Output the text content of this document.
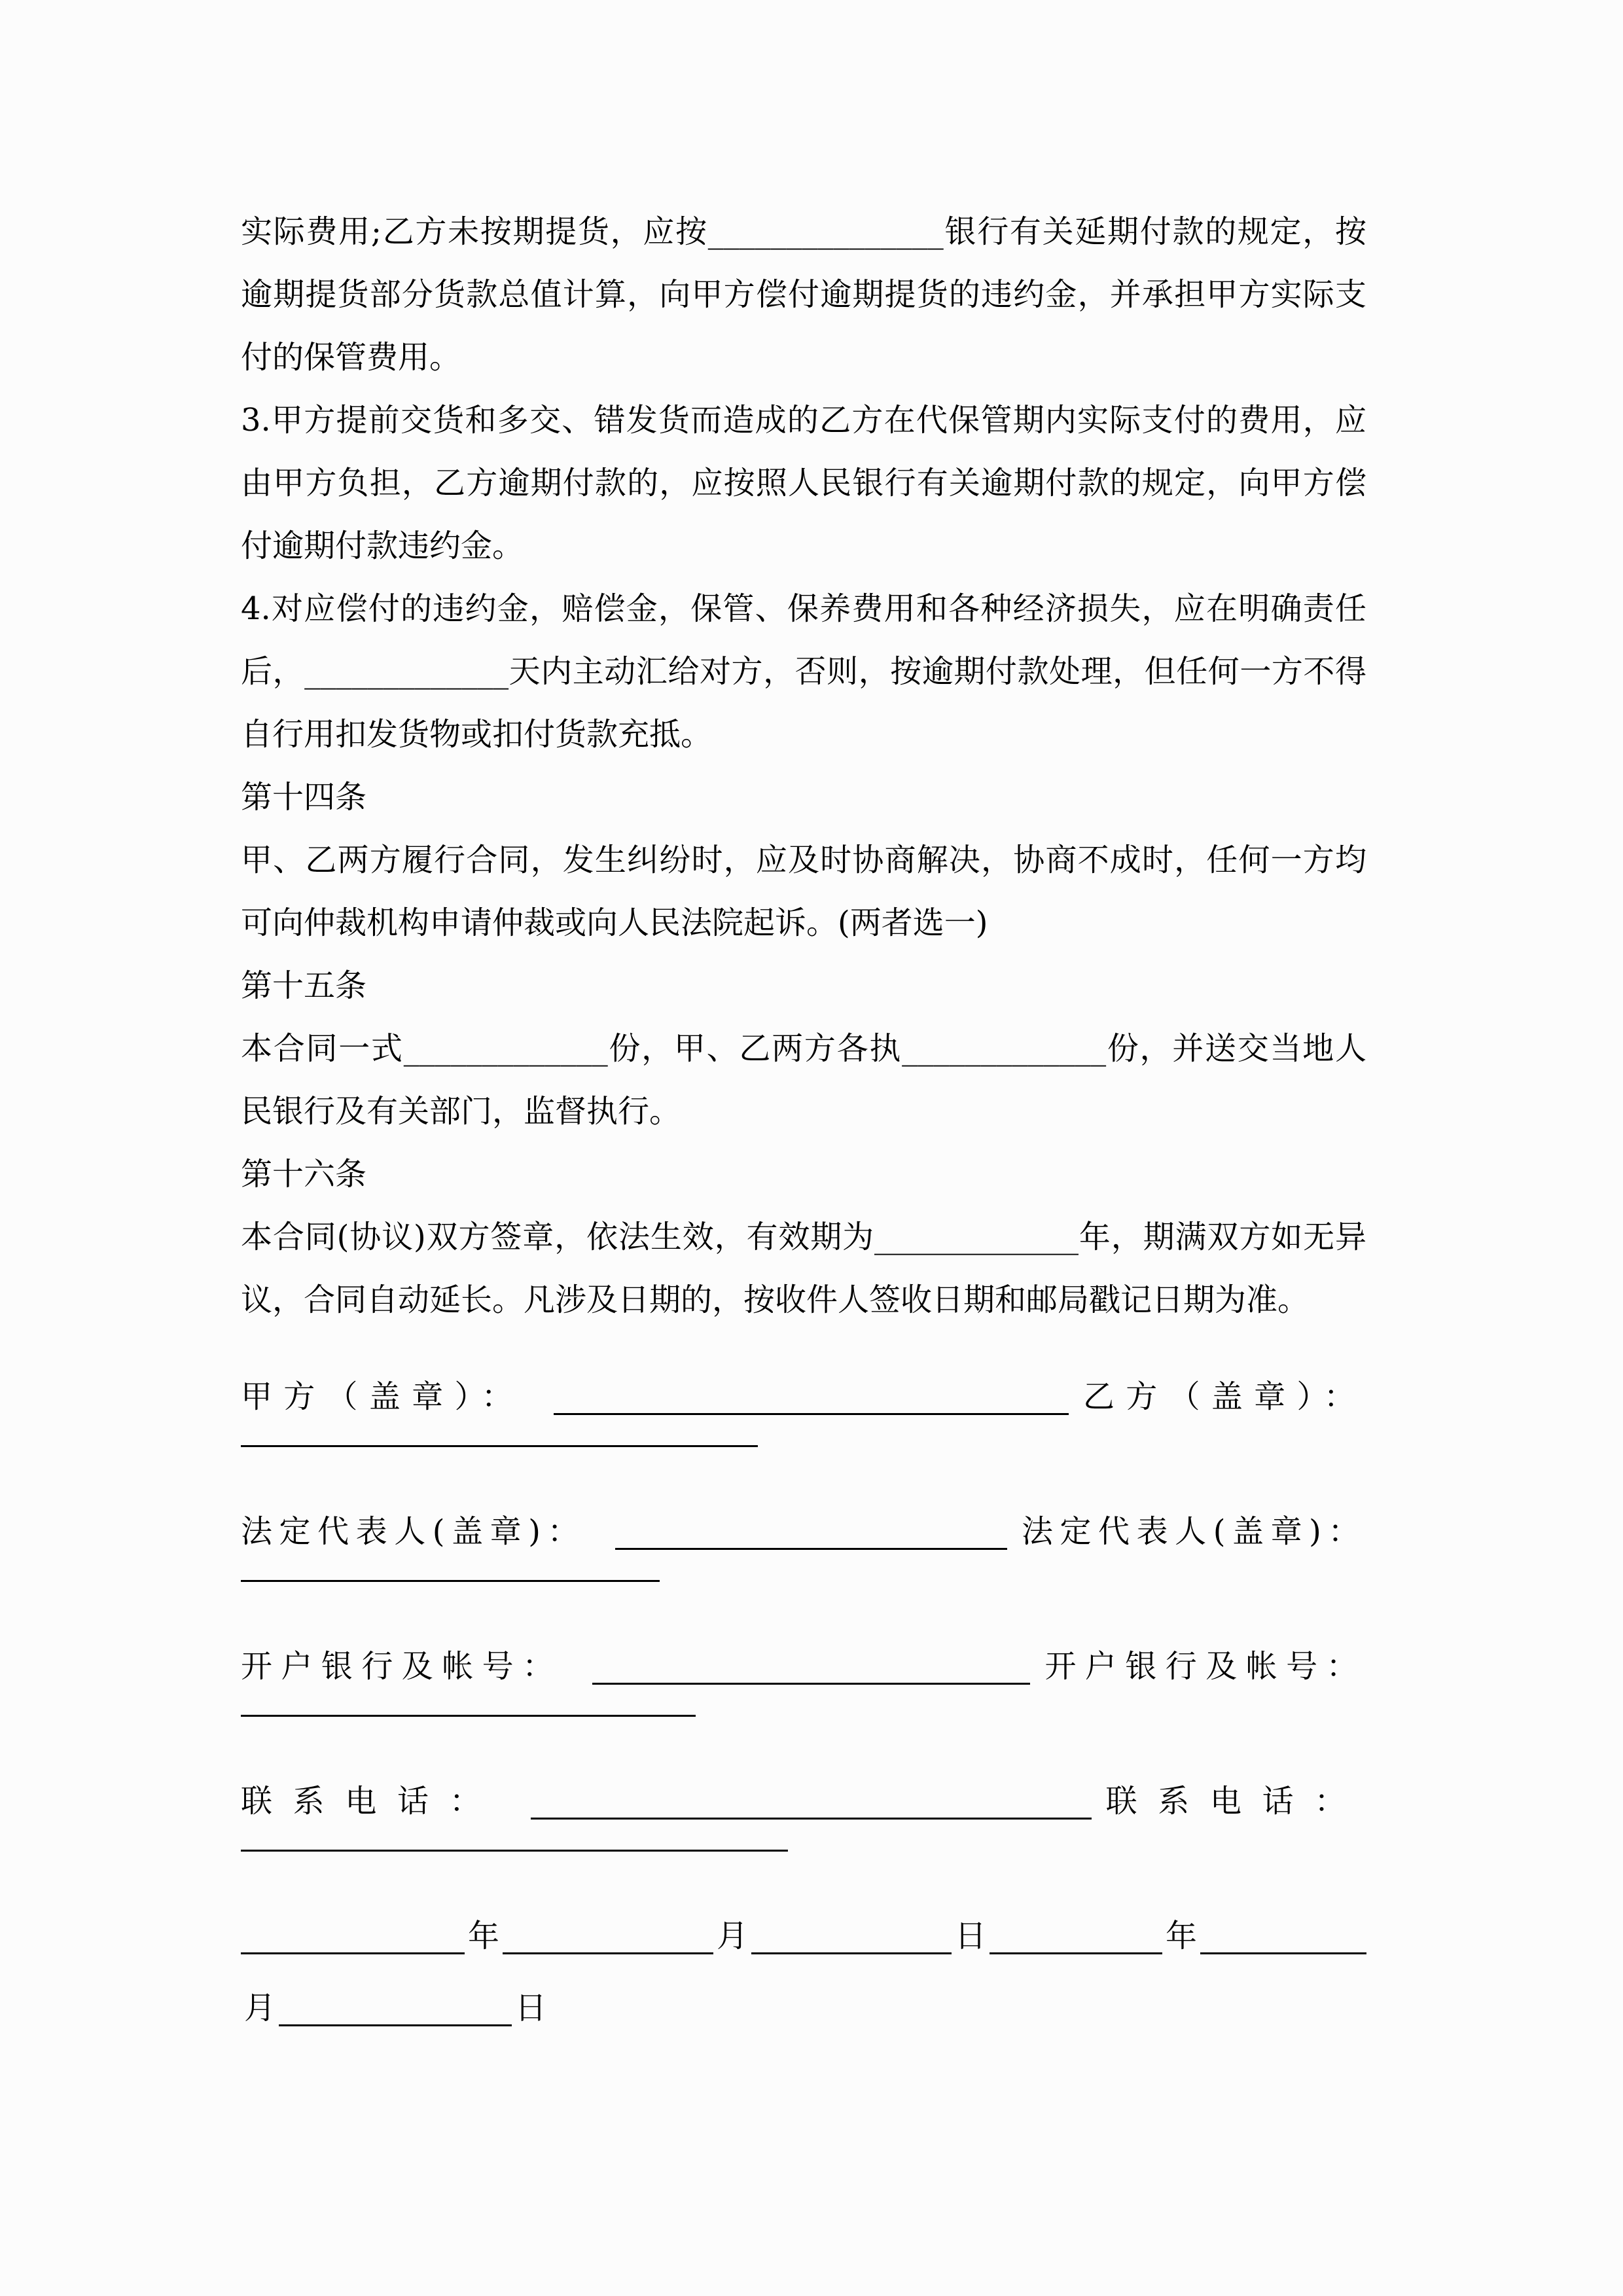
实际费用;乙方未按期提货，应按_______________银行有关延期付款的规定，按逾期提货部分货款总值计算，向甲方偿付逾期提货的违约金，并承担甲方实际支付的保管费用。

3.甲方提前交货和多交、错发货而造成的乙方在代保管期内实际支付的费用，应由甲方负担，乙方逾期付款的，应按照人民银行有关逾期付款的规定，向甲方偿付逾期付款违约金。

4.对应偿付的违约金，赔偿金，保管、保养费用和各种经济损失，应在明确责任后，_____________天内主动汇给对方，否则，按逾期付款处理，但任何一方不得自行用扣发货物或扣付货款充抵。

第十四条

甲、乙两方履行合同，发生纠纷时，应及时协商解决，协商不成时，任何一方均可向仲裁机构申请仲裁或向人民法院起诉。(两者选一)

第十五条

本合同一式_____________份，甲、乙两方各执_____________份，并送交当地人民银行及有关部门，监督执行。

第十六条

本合同(协议)双方签章，依法生效，有效期为_____________年，期满双方如无异议，合同自动延长。凡涉及日期的，按收件人签收日期和邮局戳记日期为准。

甲方（盖章）：	乙方（盖章）：
法定代表人(盖章)：	法定代表人(盖章)：
开户银行及帐号：	开户银行及帐号：
联系电话：	联系电话：
年	月	日	年
月	日
